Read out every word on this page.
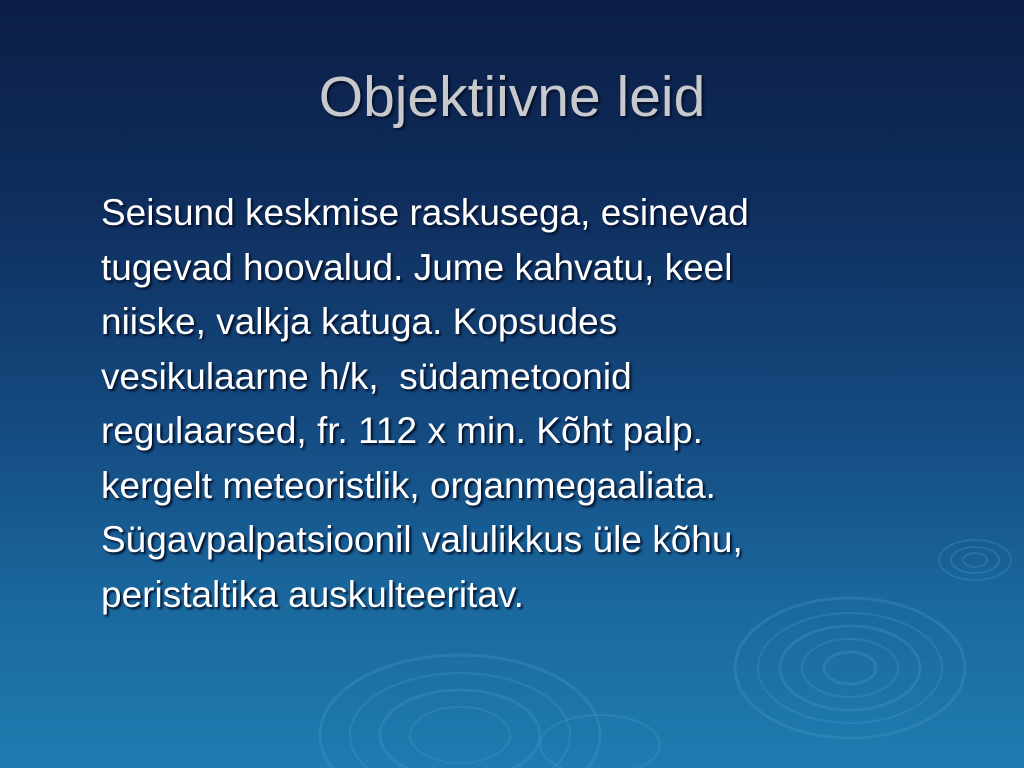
Objektiivne leid
Seisund keskmise raskusega, esinevad
tugevad hoovalud. Jume kahvatu, keel
niiske, valkja katuga. Kopsudes
vesikulaarne h/k,  südametoonid
regulaarsed, fr. 112 x min. Kõht palp.
kergelt meteoristlik, organmegaaliata.
Sügavpalpatsioonil valulikkus üle kõhu,
peristaltika auskulteeritav.
